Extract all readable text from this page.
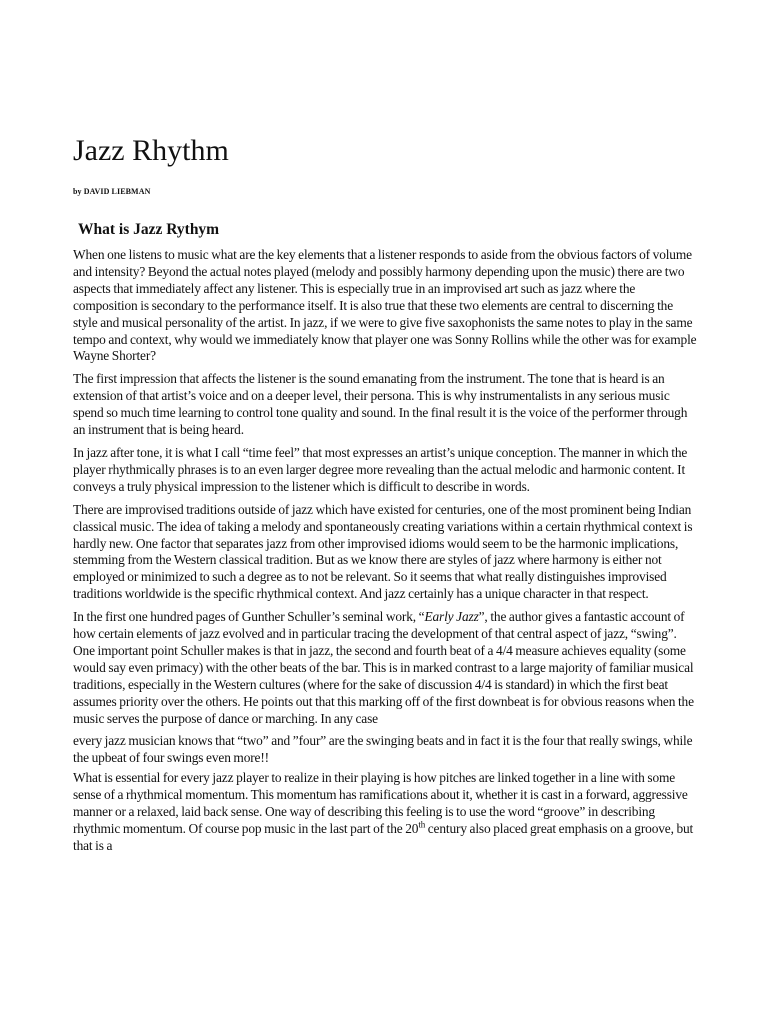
Jazz Rhythm

by DAVID LIEBMAN

What is Jazz Rythym

When one listens to music what are the key elements that a listener responds to aside from the obvious factors of volume and intensity? Beyond the actual notes played (melody and possibly harmony depending upon the music) there are two aspects that immediately affect any listener. This is especially true in an improvised art such as jazz where the composition is secondary to the performance itself. It is also true that these two elements are central to discerning the style and musical personality of the artist. In jazz, if we were to give five saxophonists the same notes to play in the same tempo and context, why would we immediately know that player one was Sonny Rollins while the other was for example Wayne Shorter?

The first impression that affects the listener is the sound emanating from the instrument. The tone that is heard is an extension of that artist’s voice and on a deeper level, their persona. This is why instrumentalists in any serious music spend so much time learning to control tone quality and sound. In the final result it is the voice of the performer through an instrument that is being heard.

In jazz after tone, it is what I call “time feel” that most expresses an artist’s unique conception. The manner in which the player rhythmically phrases is to an even larger degree more revealing than the actual melodic and harmonic content. It conveys a truly physical impression to the listener which is difficult to describe in words.

There are improvised traditions outside of jazz which have existed for centuries, one of the most prominent being Indian classical music. The idea of taking a melody and spontaneously creating variations within a certain rhythmical context is hardly new. One factor that separates jazz from other improvised idioms would seem to be the harmonic implications, stemming from the Western classical tradition. But as we know there are styles of jazz where harmony is either not employed or minimized to such a degree as to not be relevant. So it seems that what really distinguishes improvised traditions worldwide is the specific rhythmical context. And jazz certainly has a unique character in that respect.

In the first one hundred pages of Gunther Schuller’s seminal work, “Early Jazz”, the author gives a fantastic account of how certain elements of jazz evolved and in particular tracing the development of that central aspect of jazz, “swing”. One important point Schuller makes is that in jazz, the second and fourth beat of a 4/4 measure achieves equality (some would say even primacy) with the other beats of the bar. This is in marked contrast to a large majority of familiar musical traditions, especially in the Western cultures (where for the sake of discussion 4/4 is standard) in which the first beat assumes priority over the others. He points out that this marking off of the first downbeat is for obvious reasons when the music serves the purpose of dance or marching. In any case

every jazz musician knows that “two” and ”four” are the swinging beats and in fact it is the four that really swings, while the upbeat of four swings even more!!

What is essential for every jazz player to realize in their playing is how pitches are linked together in a line with some sense of a rhythmical momentum. This momentum has ramifications about it, whether it is cast in a forward, aggressive manner or a relaxed, laid back sense. One way of describing this feeling is to use the word “groove” in describing rhythmic momentum. Of course pop music in the last part of the 20th century also placed great emphasis on a groove, but that is a
